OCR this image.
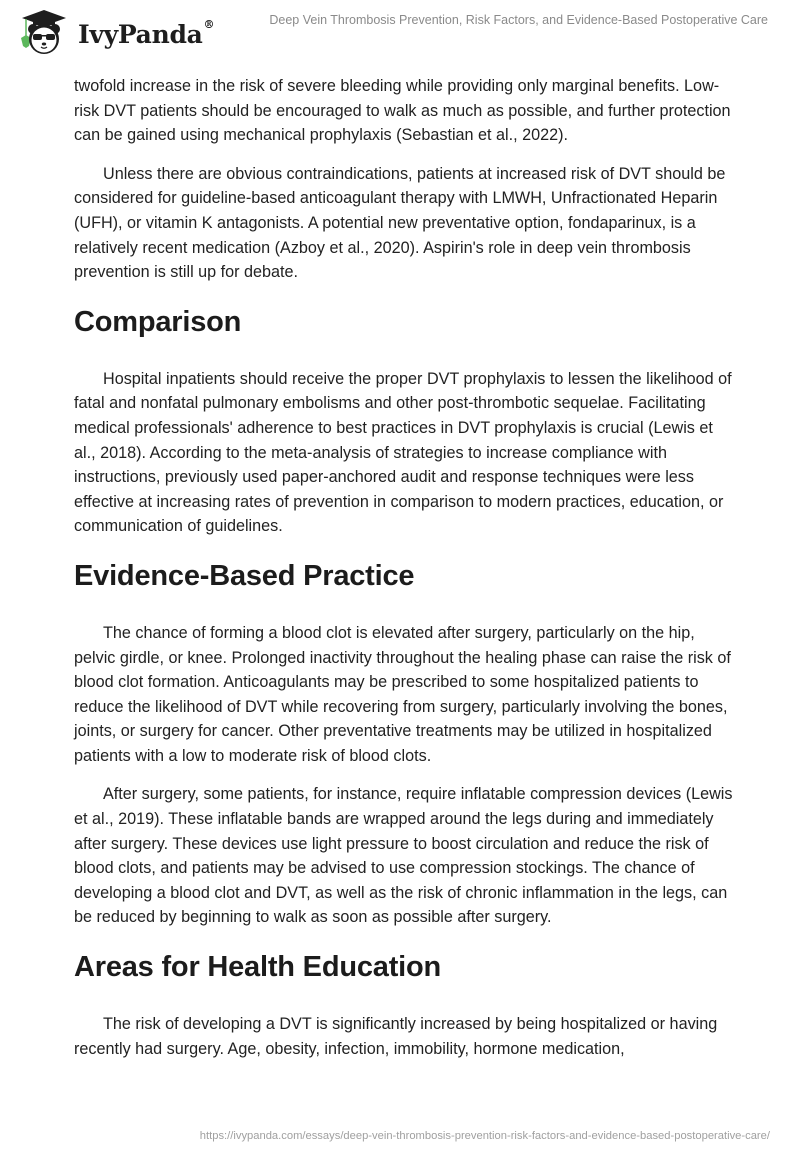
IvyPanda®	Deep Vein Thrombosis Prevention, Risk Factors, and Evidence-Based Postoperative Care

twofold increase in the risk of severe bleeding while providing only marginal benefits. Low-risk DVT patients should be encouraged to walk as much as possible, and further protection can be gained using mechanical prophylaxis (Sebastian et al., 2022).

Unless there are obvious contraindications, patients at increased risk of DVT should be considered for guideline-based anticoagulant therapy with LMWH, Unfractionated Heparin (UFH), or vitamin K antagonists. A potential new preventative option, fondaparinux, is a relatively recent medication (Azboy et al., 2020). Aspirin's role in deep vein thrombosis prevention is still up for debate.

Comparison

Hospital inpatients should receive the proper DVT prophylaxis to lessen the likelihood of fatal and nonfatal pulmonary embolisms and other post-thrombotic sequelae. Facilitating medical professionals' adherence to best practices in DVT prophylaxis is crucial (Lewis et al., 2018). According to the meta-analysis of strategies to increase compliance with instructions, previously used paper-anchored audit and response techniques were less effective at increasing rates of prevention in comparison to modern practices, education, or communication of guidelines.

Evidence-Based Practice

The chance of forming a blood clot is elevated after surgery, particularly on the hip, pelvic girdle, or knee. Prolonged inactivity throughout the healing phase can raise the risk of blood clot formation. Anticoagulants may be prescribed to some hospitalized patients to reduce the likelihood of DVT while recovering from surgery, particularly involving the bones, joints, or surgery for cancer. Other preventative treatments may be utilized in hospitalized patients with a low to moderate risk of blood clots.

After surgery, some patients, for instance, require inflatable compression devices (Lewis et al., 2019). These inflatable bands are wrapped around the legs during and immediately after surgery. These devices use light pressure to boost circulation and reduce the risk of blood clots, and patients may be advised to use compression stockings. The chance of developing a blood clot and DVT, as well as the risk of chronic inflammation in the legs, can be reduced by beginning to walk as soon as possible after surgery.

Areas for Health Education

The risk of developing a DVT is significantly increased by being hospitalized or having recently had surgery. Age, obesity, infection, immobility, hormone medication,

https://ivypanda.com/essays/deep-vein-thrombosis-prevention-risk-factors-and-evidence-based-postoperative-care/
